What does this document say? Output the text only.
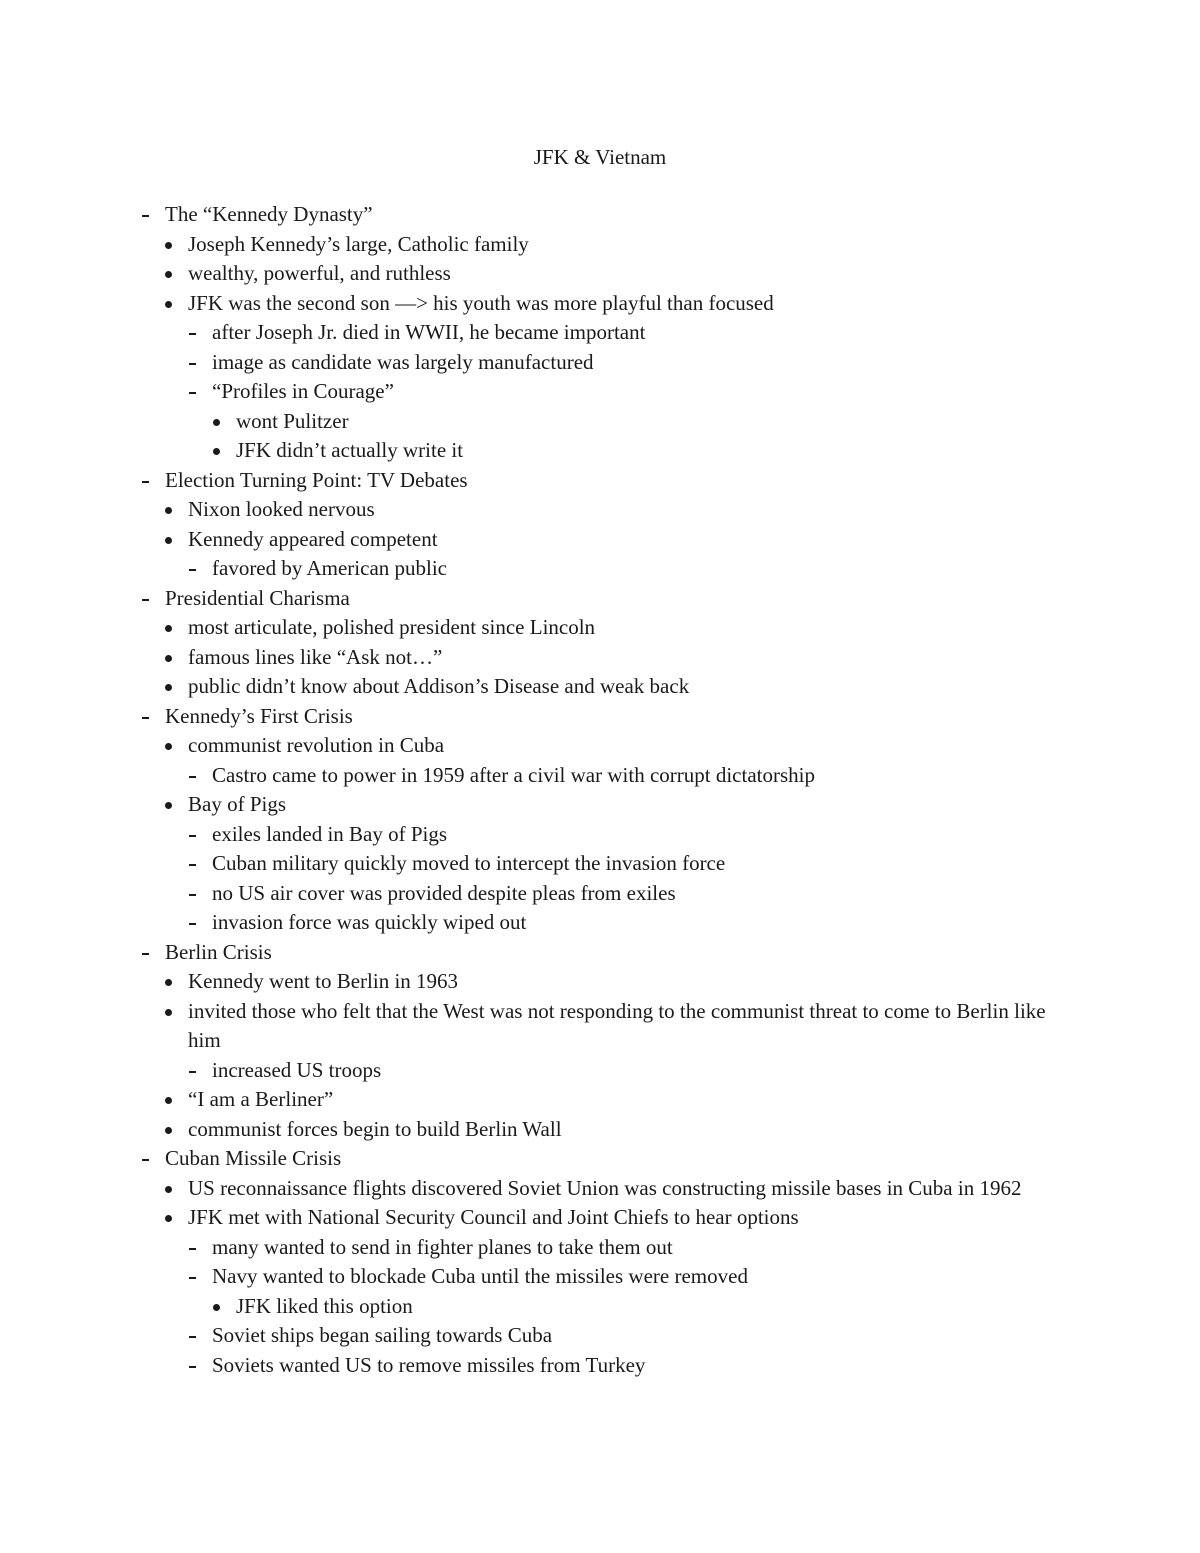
JFK & Vietnam
The “Kennedy Dynasty”
Joseph Kennedy’s large, Catholic family
wealthy, powerful, and ruthless
JFK was the second son —> his youth was more playful than focused
after Joseph Jr. died in WWII, he became important
image as candidate was largely manufactured
“Profiles in Courage”
wont Pulitzer
JFK didn’t actually write it
Election Turning Point: TV Debates
Nixon looked nervous
Kennedy appeared competent
favored by American public
Presidential Charisma
most articulate, polished president since Lincoln
famous lines like “Ask not…”
public didn’t know about Addison’s Disease and weak back
Kennedy’s First Crisis
communist revolution in Cuba
Castro came to power in 1959 after a civil war with corrupt dictatorship
Bay of Pigs
exiles landed in Bay of Pigs
Cuban military quickly moved to intercept the invasion force
no US air cover was provided despite pleas from exiles
invasion force was quickly wiped out
Berlin Crisis
Kennedy went to Berlin in 1963
invited those who felt that the West was not responding to the communist threat to come to Berlin like him
increased US troops
“I am a Berliner”
communist forces begin to build Berlin Wall
Cuban Missile Crisis
US reconnaissance flights discovered Soviet Union was constructing missile bases in Cuba in 1962
JFK met with National Security Council and Joint Chiefs to hear options
many wanted to send in fighter planes to take them out
Navy wanted to blockade Cuba until the missiles were removed
JFK liked this option
Soviet ships began sailing towards Cuba
Soviets wanted US to remove missiles from Turkey
